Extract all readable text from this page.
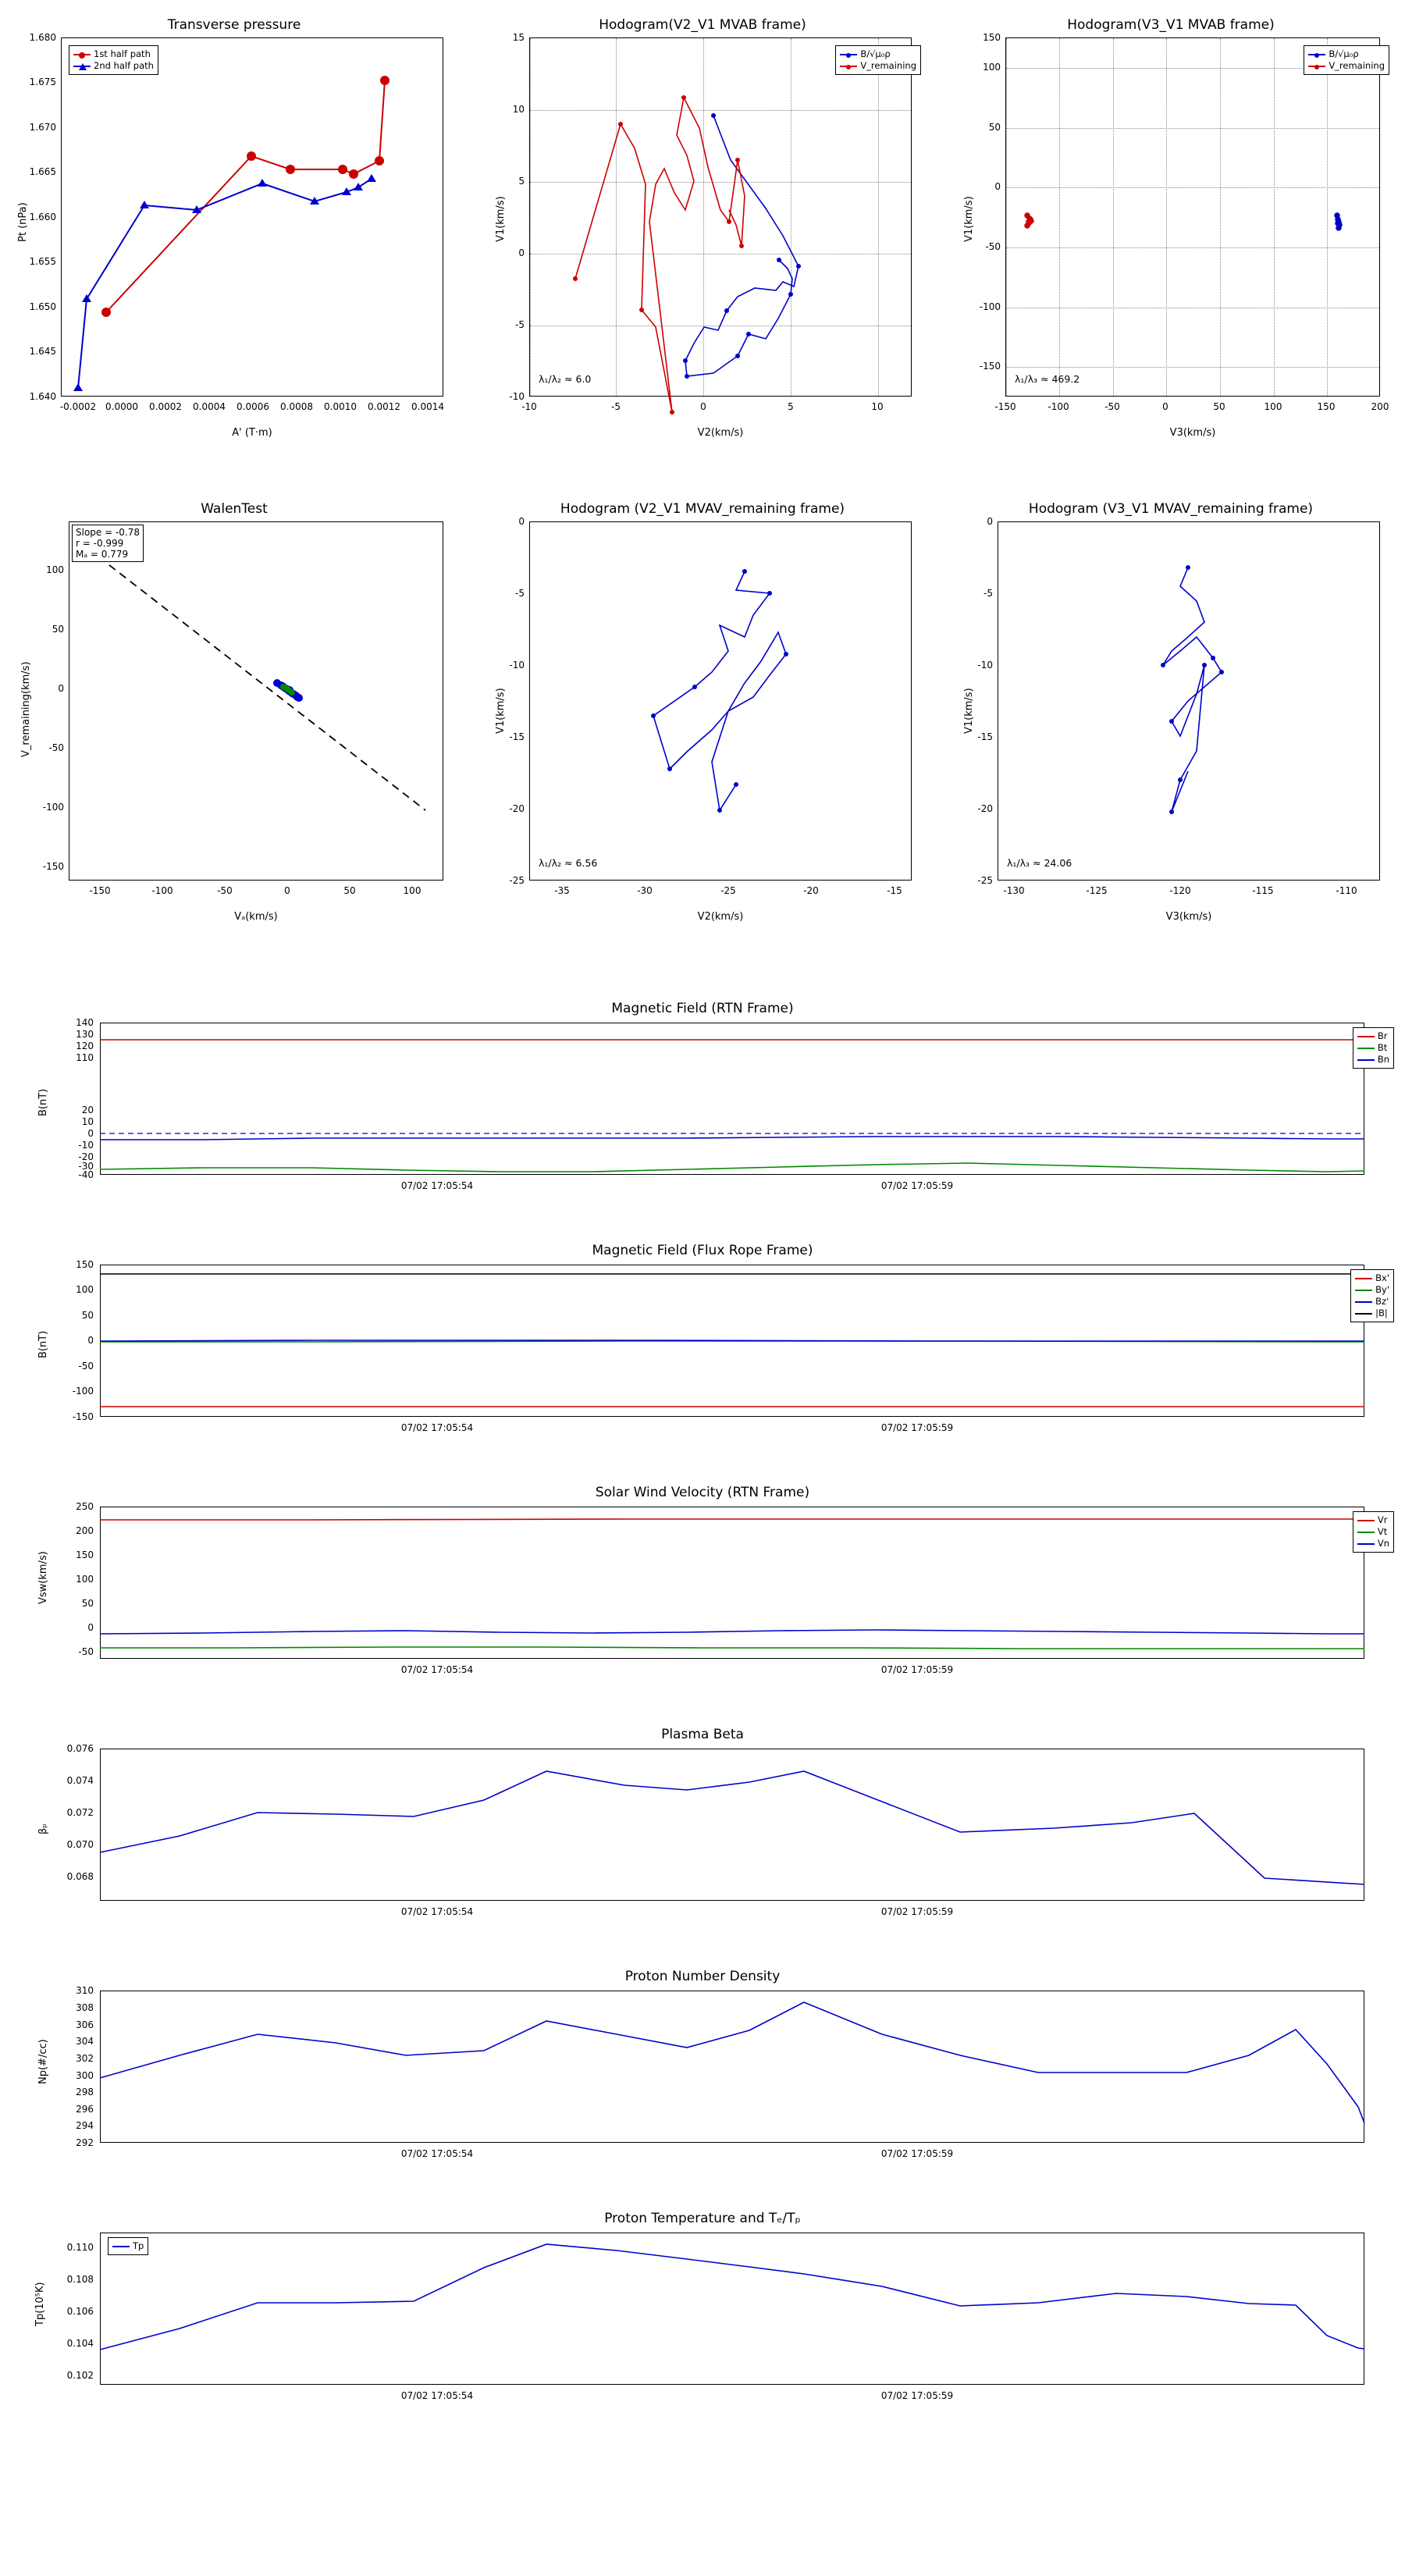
Transverse pressure
Pt (nPa)
A' (T·m)
1.640
1.645
1.650
1.655
1.660
1.665
1.670
1.675
1.680
-0.0002 0.0000 0.0002 0.0004 0.0006 0.0008 0.0010 0.0012 0.0014
1st half path
2nd half path
Hodogram(V2_V1 MVAB frame)
V1(km/s)
V2(km/s)
-10
-5
0
5
10
15
-10	-5	0	5	10
B/√μ₀ρ
V_remaining
λ₁/λ₂ ≈ 6.0
Hodogram(V3_V1 MVAB frame)
V1(km/s)
V3(km/s)
-150
-100
-50
0
50
100
150
-150	-100	-50	0	50	100	150	200
B/√μ₀ρ
V_remaining
λ₁/λ₃ ≈ 469.2
WalenTest
V_remaining(km/s)
Vₐ(km/s)
-150
-100
-50
0
50
100
-150	-100	-50	0	50	100
Slope = -0.78
r = -0.999
Mₐ = 0.779
Hodogram (V2_V1 MVAV_remaining frame)
V1(km/s)
V2(km/s)
-25
-20
-15
-10
-5
0
-35	-30	-25	-20	-15
λ₁/λ₂ ≈ 6.56
Hodogram (V3_V1 MVAV_remaining frame)
V1(km/s)
V3(km/s)
-25
-20
-15
-10
-5
0
-130	-125	-120	-115	-110
λ₁/λ₃ ≈ 24.06
Magnetic Field (RTN Frame)
B(nT)
140
130
120
110
20
10
0
-10
-20
-30
-40
07/02 17:05:54	07/02 17:05:59
Br
Bt
Bn
Magnetic Field (Flux Rope Frame)
B(nT)
150
100
50
0
-50
-100
-150
07/02 17:05:54	07/02 17:05:59
Bx'
By'
Bz'
|B|
Solar Wind Velocity (RTN Frame)
Vsw(km/s)
250
200
150
100
50
0
-50
07/02 17:05:54	07/02 17:05:59
Vr
Vt
Vn
Plasma Beta
βₚ
0.076
0.074
0.072
0.070
0.068
07/02 17:05:54	07/02 17:05:59
Proton Number Density
Np(#/cc)
310
308
306
304
302
300
298
296
294
292
07/02 17:05:54	07/02 17:05:59
Proton Temperature and Tₑ/Tₚ
Tp(10⁵K)
0.110
0.108
0.106
0.104
0.102
07/02 17:05:54	07/02 17:05:59
Tp
